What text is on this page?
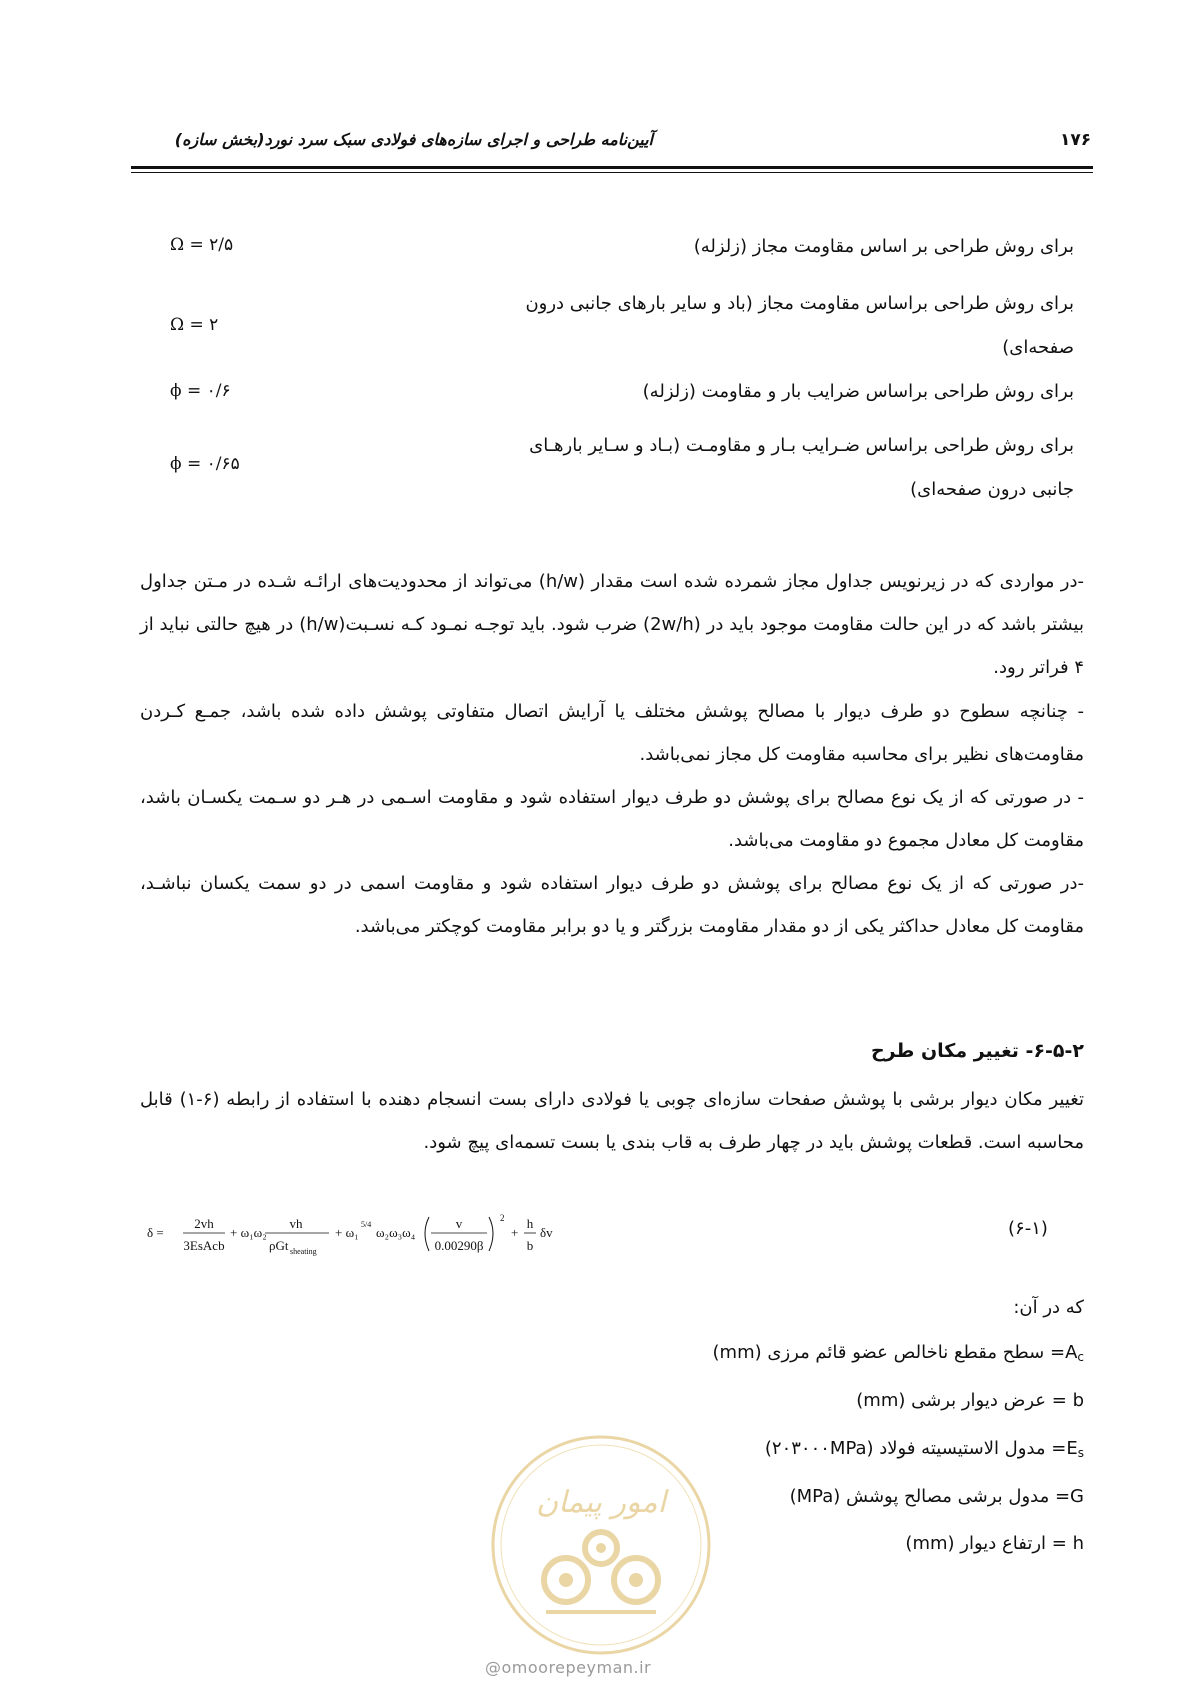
۱۷۶
آیین‌نامه طراحی و اجرای سازه‌های فولادی سبک سرد نورد(بخش سازه)
برای روش طراحی بر اساس مقاومت مجاز (زلزله)
Ω = ۲/۵
برای روش طراحی براساس مقاومت مجاز (باد و سایر بارهای جانبی درون صفحه‌ای)
Ω = ۲
برای روش طراحی براساس ضرایب بار و مقاومت (زلزله)
ϕ = ۰/۶
برای روش طراحی براساس ضـرایب بـار و مقاومـت (بـاد و سـایر بارهـای جانبی درون صفحه‌ای)
ϕ = ۰/۶۵
-در مواردی که در زیرنویس جداول مجاز شمرده شده است مقدار (h/w) می‌تواند از محدودیت‌های ارائـه شـده در مـتن جداول بیشتر باشد که در این حالت مقاومت موجود باید در (2w/h) ضرب شود. باید توجـه نمـود کـه نسـبت(h/w) در هیچ حالتی نباید از ۴ فراتر رود.
- چنانچه سطوح دو طرف دیوار با مصالح پوشش مختلف یا آرایش اتصال متفاوتی پوشش داده شده باشد، جمـع کـردن مقاومت‌های نظیر برای محاسبه مقاومت کل مجاز نمی‌باشد.
- در صورتی که از یک نوع مصالح برای پوشش دو طرف دیوار استفاده شود و مقاومت اسـمی در هـر دو سـمت یکسـان باشد، مقاومت کل معادل مجموع دو مقاومت می‌باشد.
-در صورتی که از یک نوع مصالح برای پوشش دو طرف دیوار استفاده شود و مقاومت اسمی در دو سمت یکسان نباشـد، مقاومت کل معادل حداکثر یکی از دو مقدار مقاومت بزرگتر و یا دو برابر مقاومت کوچکتر می‌باشد.
۶-۵-۲- تغییر مکان طرح
تغییر مکان دیوار برشی با پوشش صفحات سازه‌ای چوبی یا فولادی دارای بست انسجام دهنده با استفاده از رابطه (۶-۱) قابل محاسبه است. قطعات پوشش باید در چهار طرف به قاب بندی یا بست تسمه‌ای پیچ شود.
δ =
2vh
3EsAcb
+ ω₁ω₂
vh
ρGt sheating
+ ω₁
5/4
ω₂ω₃ω₄
v
0.00290β
2
+
h
b
δv	(۶-۱)
که در آن:
$A_c=$ سطح مقطع ناخالص عضو قائم مرزی (mm)
b = عرض دیوار برشی (mm)
$E_s=$ مدول الاستیسیته فولاد (۲۰۳۰۰۰MPa)
G= مدول برشی مصالح پوشش (MPa)
h = ارتفاع دیوار (mm)
امور پیمان
@omoorepeyman.ir
